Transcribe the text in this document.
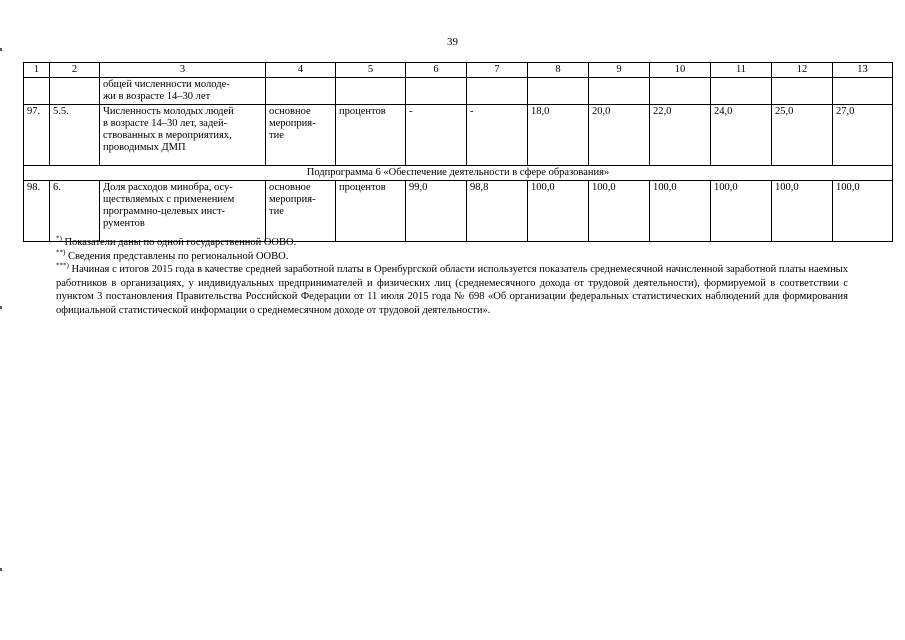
39
1	2	3	4	5	6	7	8	9	10	11	12	13
		общей численности молоде-
жи в возрасте 14–30 лет										
97.	5.5.	Численность молодых людей
в возрасте 14–30 лет, задей-
ствованных в мероприятиях,
проводимых ДМП	основное
мероприя-
тие	процентов	-	-	18,0	20,0	22,0	24,0	25,0	27,0
Подпрограмма 6 «Обеспечение деятельности в сфере образования»												
98.	6.	Доля расходов минобра, осу-
ществляемых с применением
программно-целевых инст-
рументов	основное
мероприя-
тие	процентов	99,0	98,8	100,0	100,0	100,0	100,0	100,0	100,0

*) Показатели даны по одной государственной ООВО.

**) Сведения представлены по региональной ООВО.

***) Начиная с итогов 2015 года в качестве средней заработной платы в Оренбургской области используется показатель среднемесячной начисленной заработной платы наемных работников в организациях, у индивидуальных предпринимателей и физических лиц (среднемесячного дохода от трудовой деятельности), формируемой в соответствии с пунктом 3 постановления Правительства Российской Федерации от 11 июля 2015 года № 698 «Об организации федеральных статистических наблюдений для формирования официальной статистической информации о среднемесячном доходе от трудовой деятельности».
